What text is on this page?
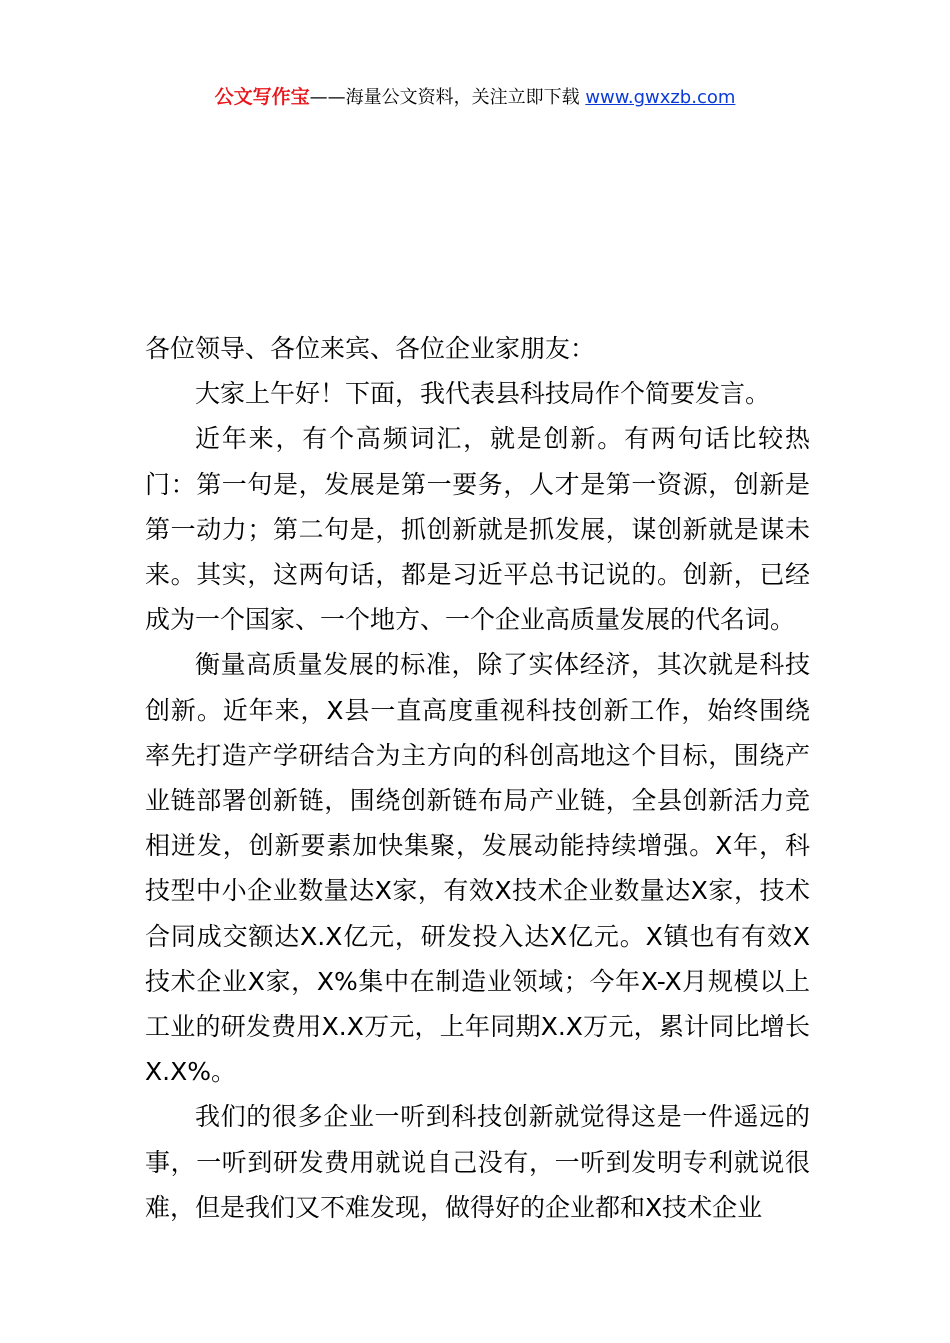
公文写作宝——海量公文资料，关注立即下载 www.gwxzb.com

各位领导、各位来宾、各位企业家朋友：

大家上午好！下面，我代表县科技局作个简要发言。

近年来，有个高频词汇，就是创新。有两句话比较热门：第一句是，发展是第一要务，人才是第一资源，创新是第一动力；第二句是，抓创新就是抓发展，谋创新就是谋未来。其实，这两句话，都是习近平总书记说的。创新，已经成为一个国家、一个地方、一个企业高质量发展的代名词。

衡量高质量发展的标准，除了实体经济，其次就是科技创新。近年来，X县一直高度重视科技创新工作，始终围绕率先打造产学研结合为主方向的科创高地这个目标，围绕产业链部署创新链，围绕创新链布局产业链，全县创新活力竞相迸发，创新要素加快集聚，发展动能持续增强。X年，科技型中小企业数量达X家，有效X技术企业数量达X家，技术合同成交额达X.X亿元，研发投入达X亿元。X镇也有有效X技术企业X家，X%集中在制造业领域；今年X-X月规模以上工业的研发费用X.X万元，上年同期X.X万元，累计同比增长X.X%。

我们的很多企业一听到科技创新就觉得这是一件遥远的事，一听到研发费用就说自己没有，一听到发明专利就说很难，但是我们又不难发现，做得好的企业都和X技术企业
